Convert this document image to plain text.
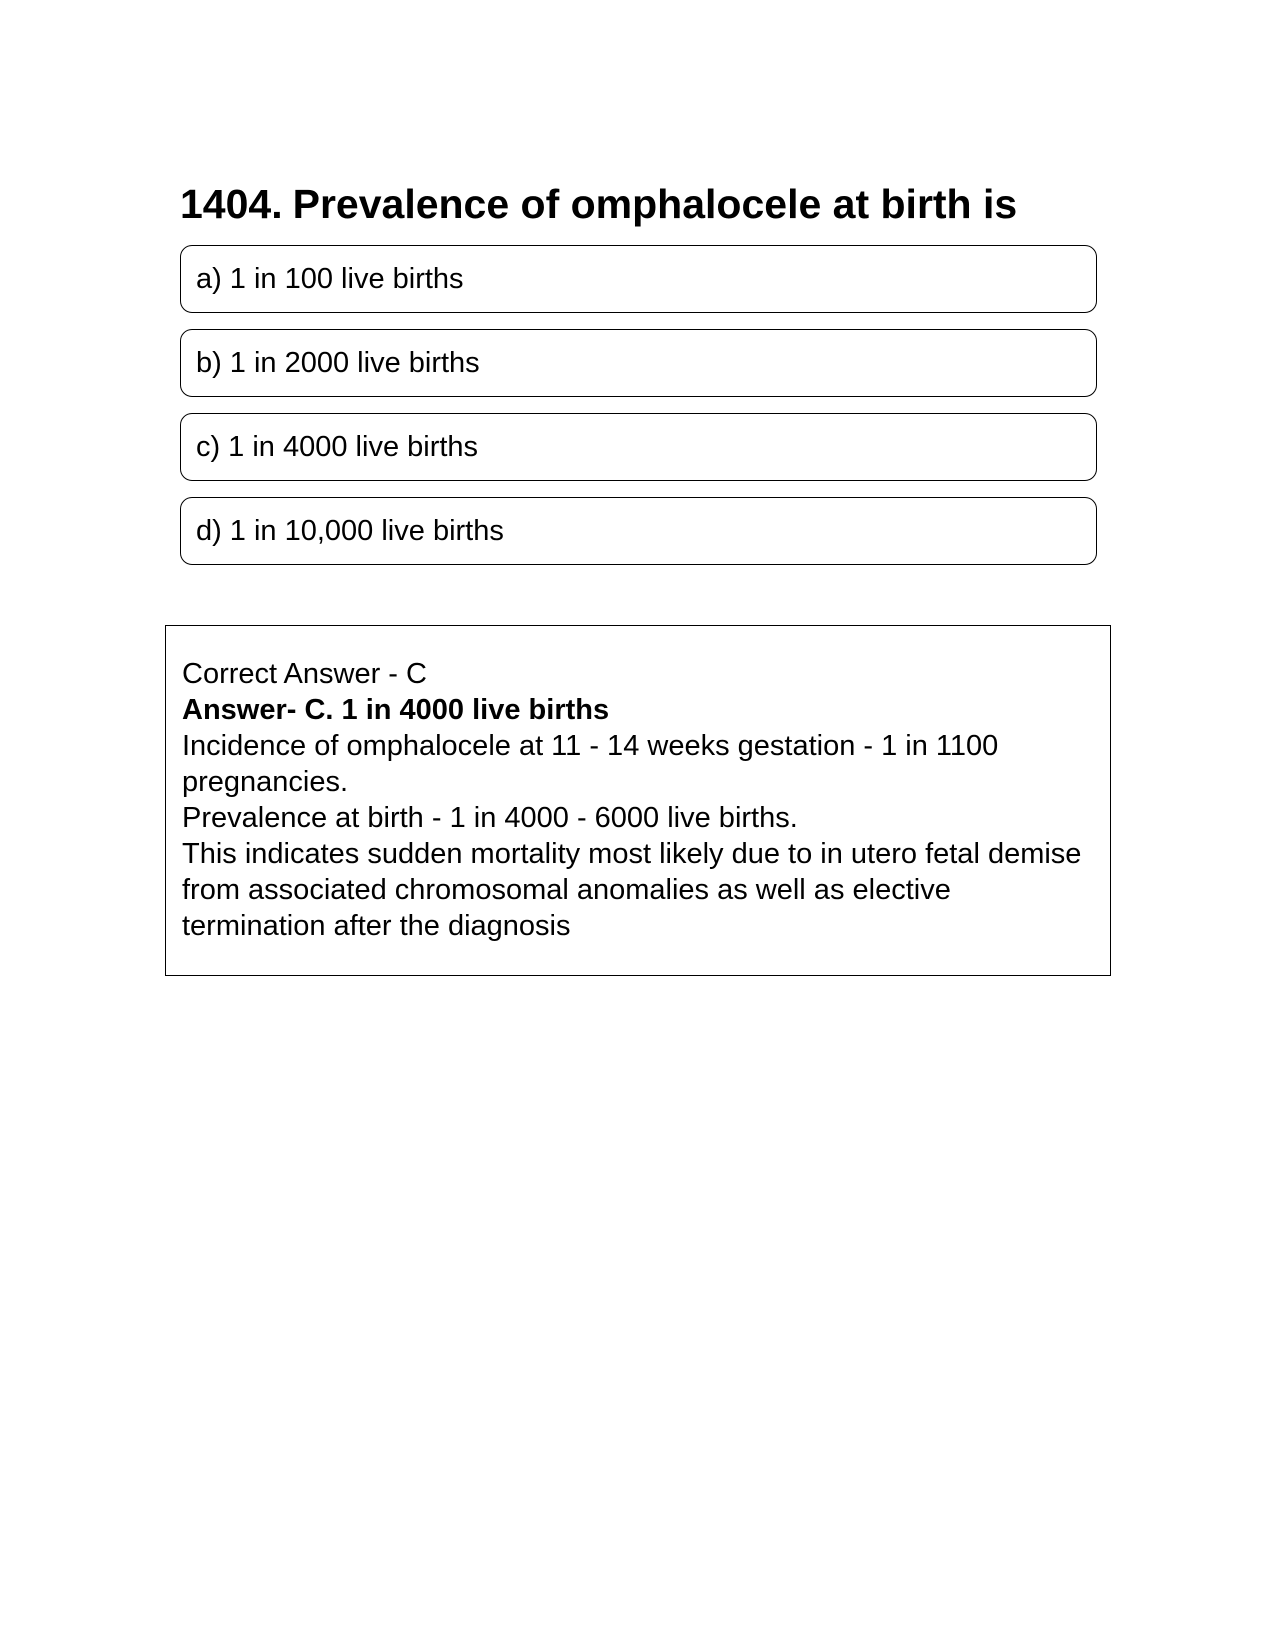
1404. Prevalence of omphalocele at birth is
a) 1 in 100 live births
b) 1 in 2000 live births
c) 1 in 4000 live births
d) 1 in 10,000 live births

Correct Answer - C

Answer- C. 1 in 4000 live births

Incidence of omphalocele at 11 - 14 weeks gestation - 1 in 1100 pregnancies.

Prevalence at birth - 1 in 4000 - 6000 live births.

This indicates sudden mortality most likely due to in utero fetal demise from associated chromosomal anomalies as well as elective termination after the diagnosis
